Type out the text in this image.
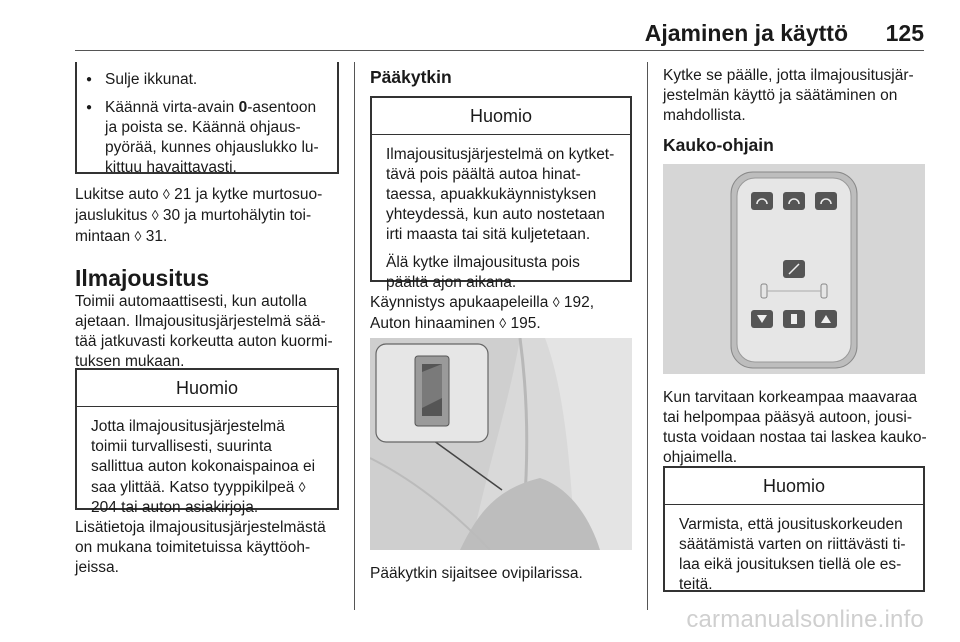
Ajaminen ja käyttö 125

● Sulje ikkunat.

● Käännä virta-avain 0-asentoon ja poista se. Käännä ohjauspyörää, kunnes ohjauslukko lukittuu havaittavasti.

Lukitse auto ◊ 21 ja kytke murtosuojauslukitus ◊ 30 ja murtohälytin toimintaan ◊ 31.

Ilmajousitus
Toimii automaattisesti, kun autolla ajetaan. Ilmajousitusjärjestelmä säätää jatkuvasti korkeutta auton kuormituksen mukaan.
Huomio

Jotta ilmajousitusjärjestelmä toimii turvallisesti, suurinta sallittua auton kokonaispainoa ei saa ylittää. Katso tyyppikilpeä ◊ 204 tai auton asiakirjoja.

Lisätietoja ilmajousitusjärjestelmästä on mukana toimitetuissa käyttöohjeissa.
Pääkytkin
Huomio

Ilmajousitusjärjestelmä on kytkettävä pois päältä autoa hinattaessa, apuakkukäynnistyksen yhteydessä, kun auto nostetaan irti maasta tai sitä kuljetetaan.

Älä kytke ilmajousitusta pois päältä ajon aikana.

Käynnistys apukaapeleilla ◊ 192,

Auton hinaaminen ◊ 195.

Pääkytkin sijaitsee ovipilarissa.
Kytke se päälle, jotta ilmajousitusjärjestelmän käyttö ja säätäminen on mahdollista.
Kauko-ohjain
Kun tarvitaan korkeampaa maavaraa tai helpompaa pääsyä autoon, jousitusta voidaan nostaa tai laskea kauko-ohjaimella.
Huomio

Varmista, että jousituskorkeuden säätämistä varten on riittävästi tilaa eikä jousituksen tiellä ole esteitä.

carmanualsonline.info
